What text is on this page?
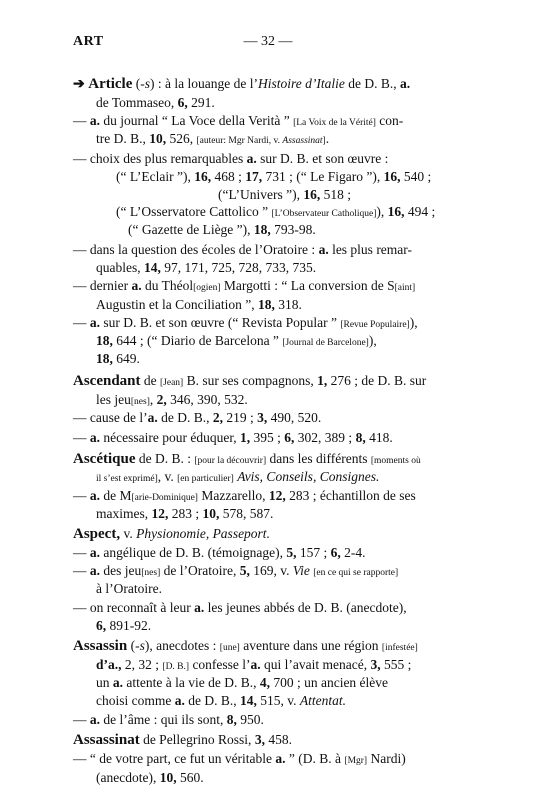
ART	— 32 —
➔ Article (-s) : à la louange de l’Histoire d’Italie de D. B., a.
de Tommaseo, 6, 291.
— a. du journal “ La Voce della Verità ” [La Voix de la Vérité] con-
tre D. B., 10, 526, [auteur: Mgr Nardi, v. Assassinat].
— choix des plus remarquables a. sur D. B. et son œuvre :
(“ L’Eclair ”), 16, 468 ; 17, 731 ; (“ Le Figaro ”), 16, 540 ;
(“L’Univers ”), 16, 518 ;
(“ L’Osservatore Cattolico ” [L’Observateur Catholique]), 16, 494 ;
(“ Gazette de Liège ”), 18, 793-98.
— dans la question des écoles de l’Oratoire : a. les plus remar-
quables, 14, 97, 171, 725, 728, 733, 735.
— dernier a. du Théol[ogien] Margotti : “ La conversion de S[aint]
Augustin et la Conciliation ”, 18, 318.
— a. sur D. B. et son œuvre (“ Revista Popular ” [Revue Populaire]),
18, 644 ; (“ Diario de Barcelona ” [Journal de Barcelone]),
18, 649.
Ascendant de [Jean] B. sur ses compagnons, 1, 276 ; de D. B. sur
les jeu[nes], 2, 346, 390, 532.
— cause de l’a. de D. B., 2, 219 ; 3, 490, 520.
— a. nécessaire pour éduquer, 1, 395 ; 6, 302, 389 ; 8, 418.
Ascétique de D. B. : [pour la découvrir] dans les différents [moments où
il s’est exprimé], v. [en particulier] Avis, Conseils, Consignes.
— a. de M[arie-Dominique] Mazzarello, 12, 283 ; échantillon de ses
maximes, 12, 283 ; 10, 578, 587.
Aspect, v. Physionomie, Passeport.
— a. angélique de D. B. (témoignage), 5, 157 ; 6, 2-4.
— a. des jeu[nes] de l’Oratoire, 5, 169, v. Vie [en ce qui se rapporte]
à l’Oratoire.
— on reconnaît à leur a. les jeunes abbés de D. B. (anecdote),
6, 891-92.
Assassin (-s), anecdotes : [une] aventure dans une région [infestée]
d’a., 2, 32 ; [D. B.] confesse l’a. qui l’avait menacé, 3, 555 ;
un a. attente à la vie de D. B., 4, 700 ; un ancien élève
choisi comme a. de D. B., 14, 515, v. Attentat.
— a. de l’âme : qui ils sont, 8, 950.
Assassinat de Pellegrino Rossi, 3, 458.
— “ de votre part, ce fut un véritable a. ” (D. B. à [Mgr] Nardi)
(anecdote), 10, 560.
